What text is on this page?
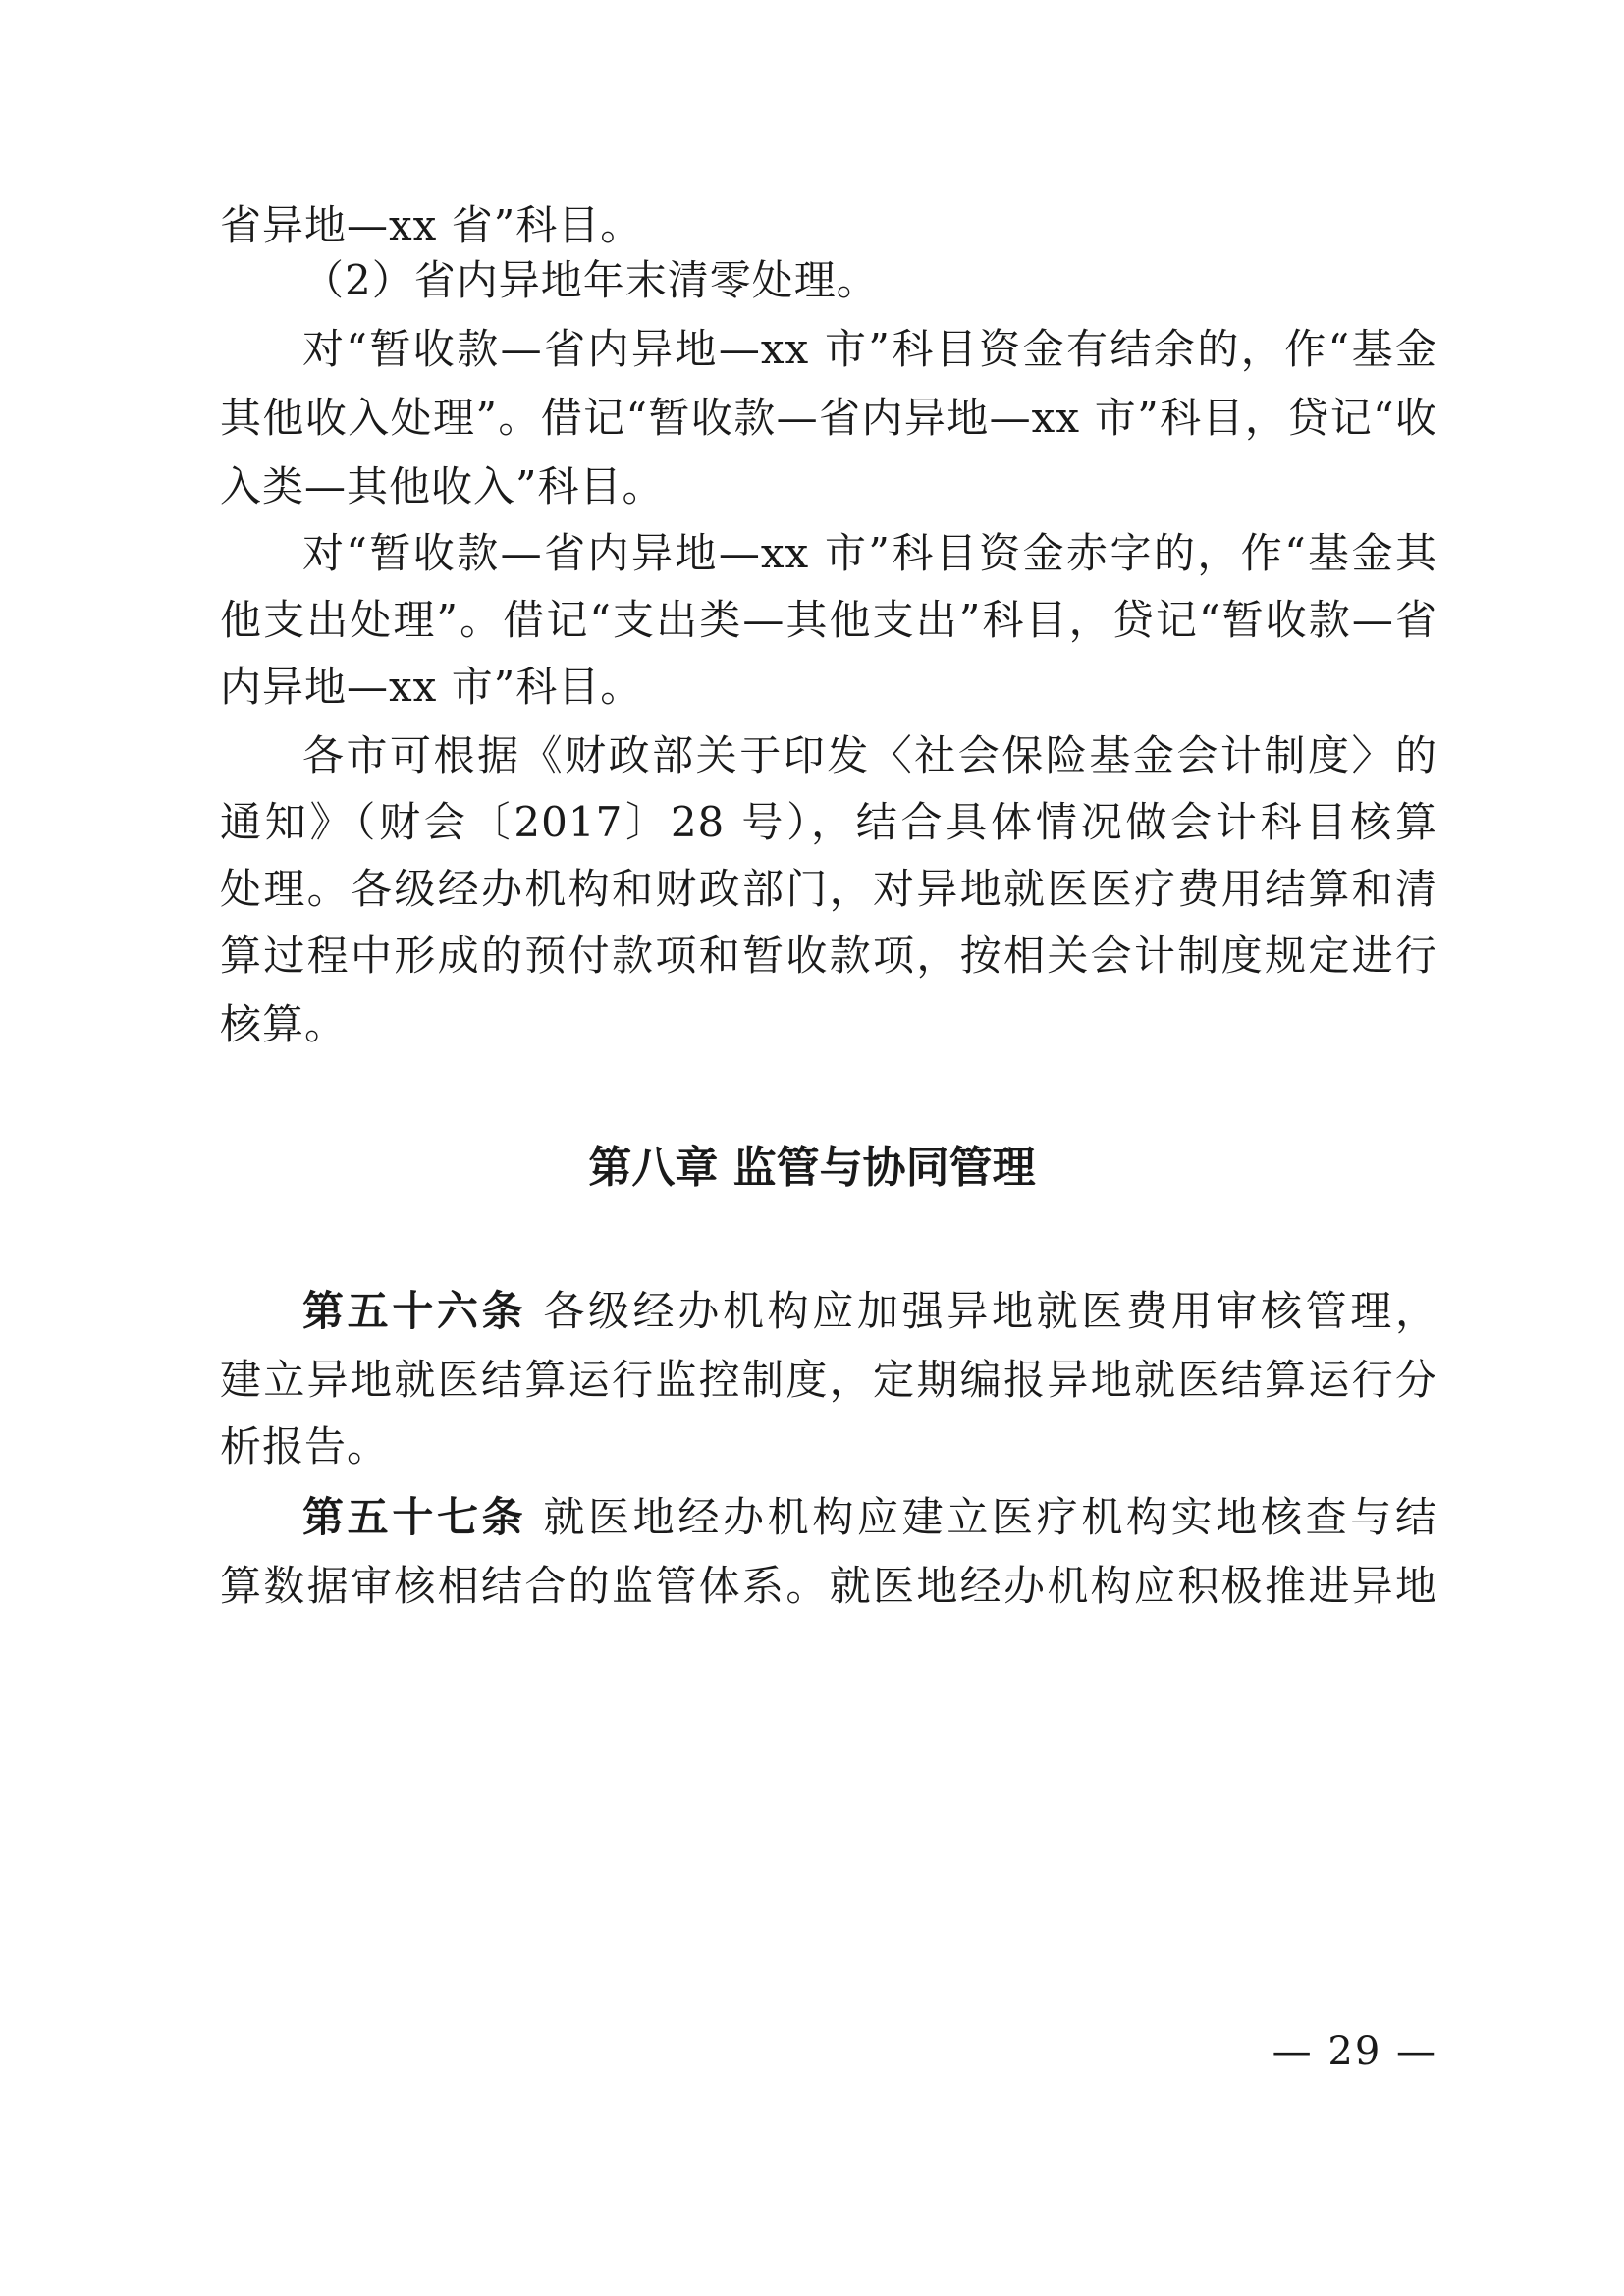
省异地—xx 省”科目。
（2）省内异地年末清零处理。
对“暂收款—省内异地—xx 市”科目资金有结余的，作“基金
其他收入处理”。借记“暂收款—省内异地—xx 市”科目，贷记“收
入类—其他收入”科目。
对“暂收款—省内异地—xx 市”科目资金赤字的，作“基金其
他支出处理”。借记“支出类—其他支出”科目，贷记“暂收款—省
内异地—xx 市”科目。
各市可根据《财政部关于印发〈社会保险基金会计制度〉的
通知》（财会〔2017〕28 号），结合具体情况做会计科目核算
处理。各级经办机构和财政部门，对异地就医医疗费用结算和清
算过程中形成的预付款项和暂收款项，按相关会计制度规定进行
核算。
第八章 监管与协同管理
第五十六条 各级经办机构应加强异地就医费用审核管理，
建立异地就医结算运行监控制度，定期编报异地就医结算运行分
析报告。
第五十七条 就医地经办机构应建立医疗机构实地核查与结
算数据审核相结合的监管体系。就医地经办机构应积极推进异地
— 29 —
